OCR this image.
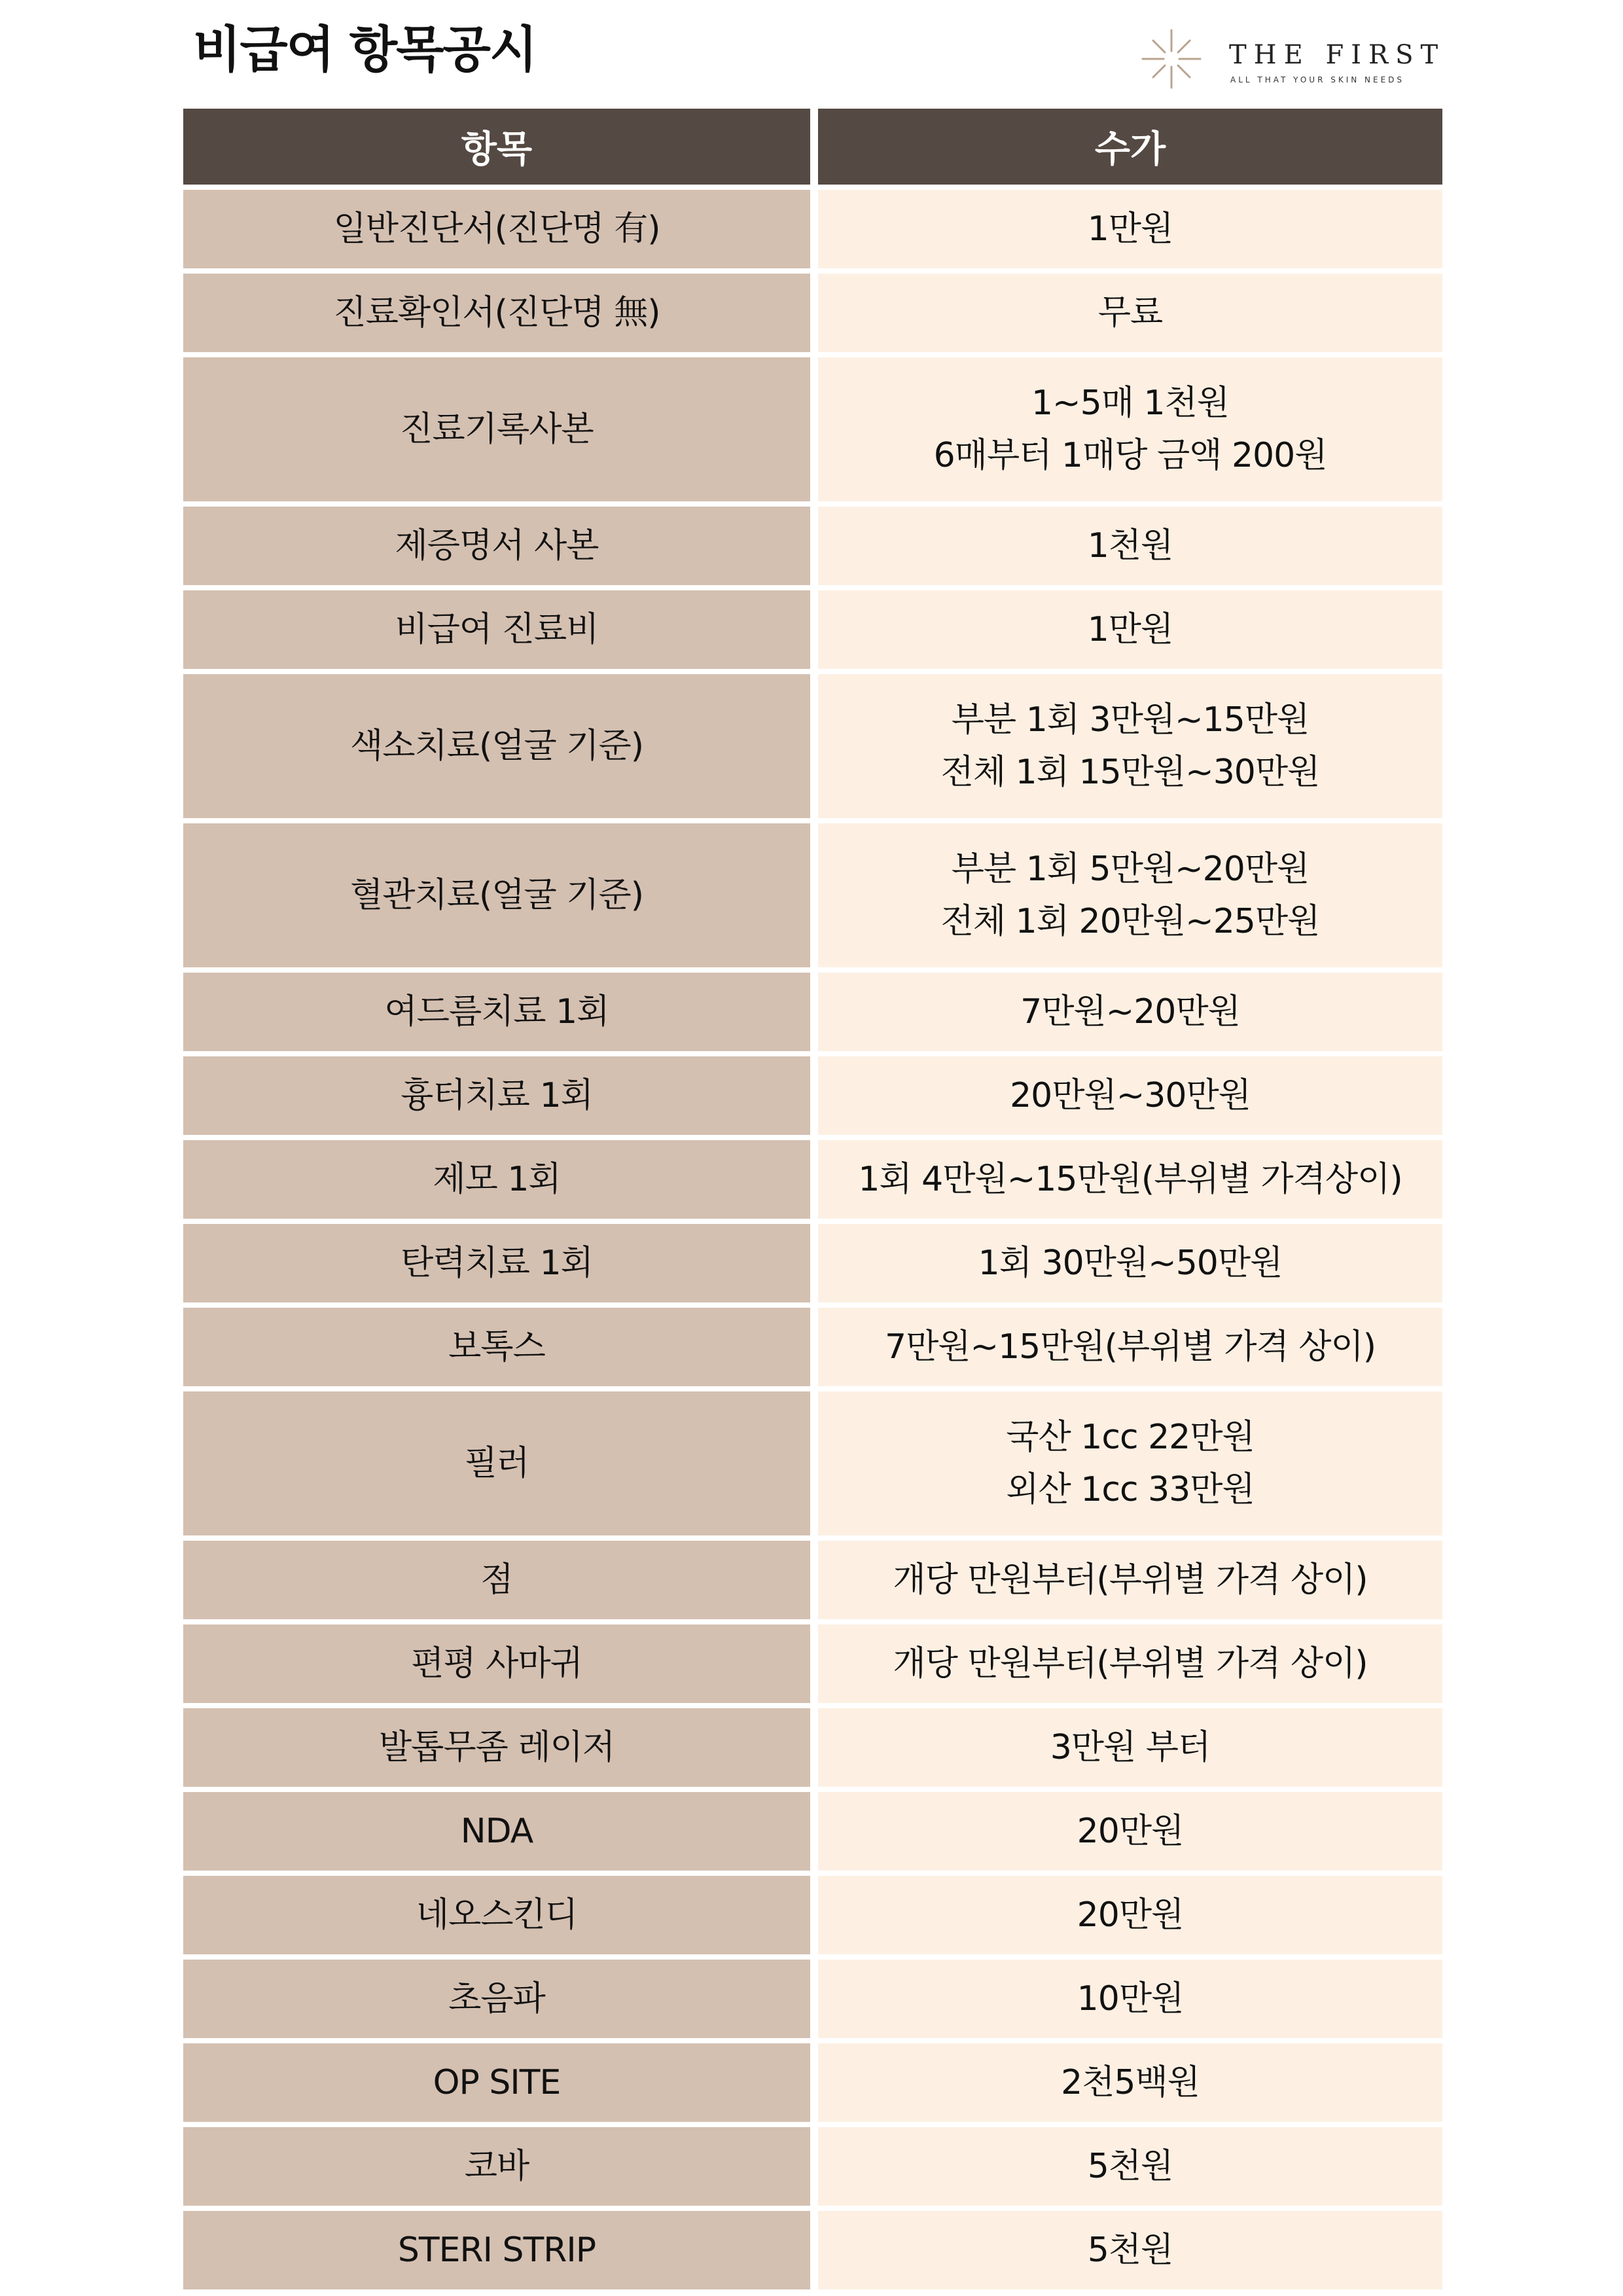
비급여 항목공시	THE FIRST
ALL THAT YOUR SKIN NEEDS
항목	수가
일반진단서(진단명 有)	1만원

진료확인서(진단명 無)	무료

진료기록사본	1~5매 1천원
6매부터 1매당 금액 200원

제증명서 사본	1천원

비급여 진료비	1만원

색소치료(얼굴 기준)	부분 1회 3만원~15만원
전체 1회 15만원~30만원

혈관치료(얼굴 기준)	부분 1회 5만원~20만원
전체 1회 20만원~25만원

여드름치료 1회	7만원~20만원

흉터치료 1회	20만원~30만원

제모 1회	1회 4만원~15만원(부위별 가격상이)

탄력치료 1회	1회 30만원~50만원

보톡스	7만원~15만원(부위별 가격 상이)

필러	국산 1cc 22만원
외산 1cc 33만원

점	개당 만원부터(부위별 가격 상이)

편평 사마귀	개당 만원부터(부위별 가격 상이)

발톱무좀 레이저	3만원 부터

NDA	20만원

네오스킨디	20만원

초음파	10만원

OP SITE	2천5백원

코바	5천원

STERI STRIP	5천원
